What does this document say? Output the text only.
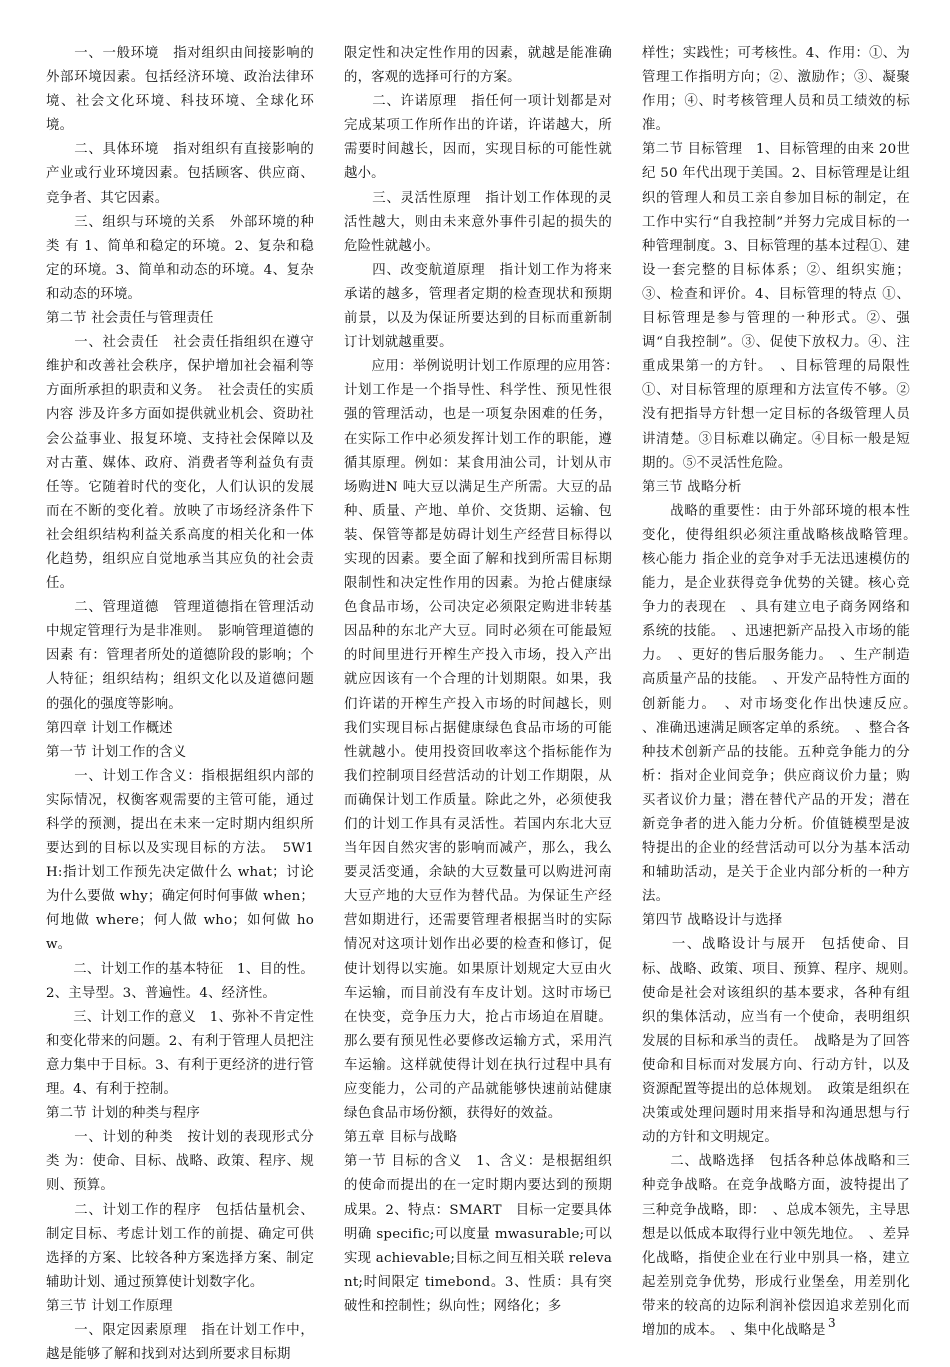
　　一、一般环境　指对组织由间接影响的外部环境因素。包括经济环境、政治法律环境、社会文化环境、科技环境、全球化环境。

　　二、具体环境　指对组织有直接影响的产业或行业环境因素。包括顾客、供应商、竞争者、其它因素。

　　三、组织与环境的关系　外部环境的种类 有 1、简单和稳定的环境。2、复杂和稳定的环境。3、简单和动态的环境。4、复杂和动态的环境。

第二节 社会责任与管理责任

　　一、社会责任　社会责任指组织在遵守维护和改善社会秩序，保护增加社会福利等方面所承担的职责和义务。　社会责任的实质内容 涉及许多方面如提供就业机会、资助社会公益事业、报复环境、支持社会保障以及对古董、媒体、政府、消费者等利益负有责任等。它随着时代的变化，人们认识的发展而在不断的变化着。放映了市场经济条件下社会组织结构利益关系高度的相关化和一体化趋势，组织应自觉地承当其应负的社会责任。

　　二、管理道德　管理道德指在管理活动中规定管理行为是非准则。　影响管理道德的因素 有：管理者所处的道德阶段的影响；个人特征；组织结构；组织文化以及道德问题的强化的强度等影响。

第四章 计划工作概述

第一节 计划工作的含义

　　一、计划工作含义：指根据组织内部的实际情况，权衡客观需要的主管可能，通过科学的预测，提出在未来一定时期内组织所要达到的目标以及实现目标的方法。　5W1H:指计划工作预先决定做什么 what；讨论为什么要做 why；确定何时何事做 when；何地做 where；何人做 who；如何做 how。

　　二、计划工作的基本特征　1、目的性。2、主导型。3、普遍性。4、经济性。

　　三、计划工作的意义　1、弥补不肯定性和变化带来的问题。2、有利于管理人员把注意力集中于目标。3、有利于更经济的进行管理。4、有利于控制。

第二节 计划的种类与程序

　　一、计划的种类　按计划的表现形式分类 为：使命、目标、战略、政策、程序、规则、预算。

　　二、计划工作的程序　包括估量机会、制定目标、考虑计划工作的前提、确定可供选择的方案、比较各种方案选择方案、制定辅助计划、通过预算使计划数字化。

第三节 计划工作原理

　　一、限定因素原理　指在计划工作中，越是能够了解和找到对达到所要求目标期

限定性和决定性作用的因素，就越是能准确的，客观的选择可行的方案。

　　二、许诺原理　指任何一项计划都是对完成某项工作所作出的许诺，许诺越大，所需要时间越长，因而，实现目标的可能性就越小。

　　三、灵活性原理　指计划工作体现的灵活性越大，则由未来意外事件引起的损失的危险性就越小。

　　四、改变航道原理　指计划工作为将来承诺的越多，管理者定期的检查现状和预期前景，以及为保证所要达到的目标而重新制订计划就越重要。

　　应用：举例说明计划工作原理的应用答：　计划工作是一个指导性、科学性、预见性很强的管理活动，也是一项复杂困难的任务，在实际工作中必须发挥计划工作的职能，遵循其原理。例如：某食用油公司，计划从市场购进N 吨大豆以满足生产所需。大豆的品种、质量、产地、单价、交货期、运输、包装、保管等都是妨碍计划生产经营目标得以实现的因素。要全面了解和找到所需目标期限制性和决定性作用的因素。为抢占健康绿色食品市场，公司决定必须限定购进非转基因品种的东北产大豆。同时必须在可能最短的时间里进行开榨生产投入市场，投入产出就应因该有一个合理的计划期限。如果，我们许诺的开榨生产投入市场的时间越长，则我们实现目标占据健康绿色食品市场的可能性就越小。使用投资回收率这个指标能作为我们控制项目经营活动的计划工作期限，从而确保计划工作质量。除此之外，必须使我们的计划工作具有灵活性。若国内东北大豆当年因自然灾害的影响而减产，那么，我么要灵活变通，余缺的大豆数量可以购进河南大豆产地的大豆作为替代品。为保证生产经营如期进行，还需要管理者根据当时的实际情况对这项计划作出必要的检查和修订，促使计划得以实施。如果原计划规定大豆由火车运输，而目前没有车皮计划。这时市场已在快变，竞争压力大，抢占市场迫在眉睫。那么要有预见性必要修改运输方式，采用汽车运输。这样就使得计划在执行过程中具有应变能力，公司的产品就能够快速前站健康绿色食品市场份额，获得好的效益。

第五章 目标与战略

第一节 目标的含义　1、含义：是根据组织的使命而提出的在一定时期内要达到的预期成果。2、特点：SMART　目标一定要具体明确 specific;可以度量 mwasurable;可以实现 achievable;目标之间互相关联 relevant;时间限定 timebond。3、性质：具有突破性和控制性；纵向性；网络化；多

样性；实践性；可考核性。4、作用：①、为管理工作指明方向；②、激励作；③、凝聚作用；④、时考核管理人员和员工绩效的标准。

第二节 目标管理　1、目标管理的由来 20世纪 50 年代出现于美国。2、目标管理是让组织的管理人和员工亲自参加目标的制定，在工作中实行“自我控制”并努力完成目标的一种管理制度。3、目标管理的基本过程①、建设一套完整的目标体系；②、组织实施；③、检查和评价。4、目标管理的特点 ①、目标管理是参与管理的一种形式。②、强调“自我控制”。③、促使下放权力。④、注重成果第一的方针。　、目标管理的局限性①、对目标管理的原理和方法宣传不够。②没有把指导方针想一定目标的各级管理人员讲清楚。③目标难以确定。④目标一般是短期的。⑤不灵活性危险。

第三节 战略分析

　　战略的重要性：由于外部环境的根本性变化，使得组织必须注重战略核战略管理。　核心能力 指企业的竞争对手无法迅速模仿的能力，是企业获得竞争优势的关键。核心竞争力的表现在　、具有建立电子商务网络和系统的技能。　、迅速把新产品投入市场的能力。　、更好的售后服务能力。　、生产制造高质量产品的技能。　、开发产品特性方面的创新能力。　、对市场变化作出快速反应。　、准确迅速满足顾客定单的系统。　、整合各种技术创新产品的技能。五种竞争能力的分析：指对企业间竞争；供应商议价力量；购买者议价力量；潜在替代产品的开发；潜在新竞争者的进入能力分析。价值链模型是波特提出的企业的经营活动可以分为基本活动和辅助活动，是关于企业内部分析的一种方法。

第四节 战略设计与选择

　　一、战略设计与展开　包括使命、目标、战略、政策、项目、预算、程序、规则。　使命是社会对该组织的基本要求，各种有组织的集体活动，应当有一个使命，表明组织发展的目标和承当的责任。　战略是为了回答使命和目标而对发展方向、行动方针，以及资源配置等提出的总体规划。　政策是组织在决策或处理问题时用来指导和沟通思想与行动的方针和文明规定。

　　二、战略选择　包括各种总体战略和三种竞争战略。在竞争战略方面，波特提出了三种竞争战略，即：　、总成本领先，主导思想是以低成本取得行业中领先地位。　、差异化战略，指使企业在行业中别具一格，建立起差别竞争优势，形成行业堡垒，用差别化带来的较高的边际利润补偿因追求差别化而增加的成本。　、集中化战略是 3
